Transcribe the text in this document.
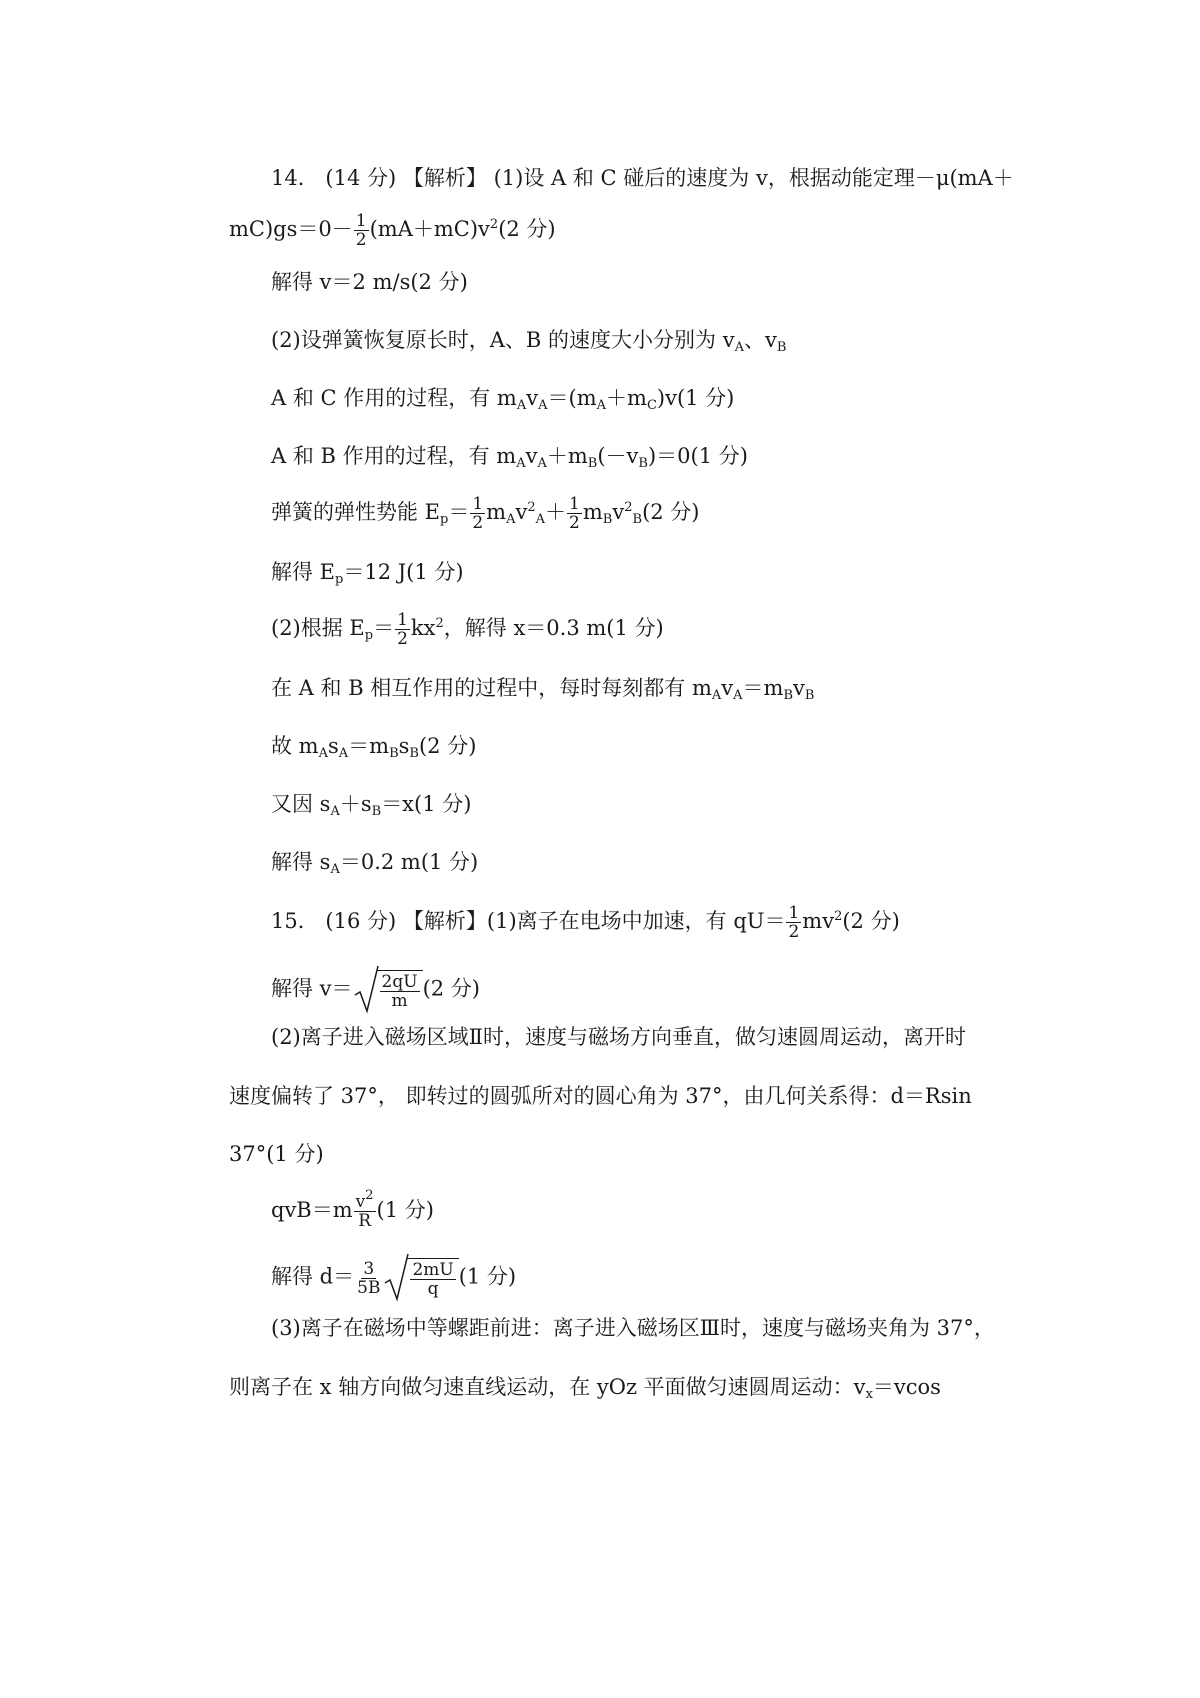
14． (14 分) 【解析】 (1)设 A 和 C 碰后的速度为 v，根据动能定理－μ(mA＋
$mC)gs=0- \frac{1}{2} (mA+mC)v^2(2$ 分)
解得 v＝2 m/s(2 分)
(2)设弹簧恢复原长时，A、B 的速度大小分别为 $v_A$、$v_B$
A 和 C 作用的过程，有 $m_Av_A=(m_A+m_C)v(1$ 分)
A 和 B 作用的过程，有 $m_Av_A+m_B(-v_B)=0(1$ 分)
弹簧的弹性势能 $E_p= \frac{1}{2} m_Av^2_A+ \frac{1}{2} m_Bv^2_B(2$ 分)
解得 $E_p=12$ J(1 分)
(2)根据 $E_p= \frac{1}{2} kx^2$，解得 x＝0.3 m(1 分)
在 A 和 B 相互作用的过程中，每时每刻都有 $m_Av_A=m_Bv_B$
故 $m_As_A=m_Bs_B(2$ 分)
又因 $s_A+s_B=x(1$ 分)
解得 $s_A=0.2$ m(1 分)
15． (16 分) 【解析】(1)离子在电场中加速，有 $qU= \frac{1}{2} mv^2(2$ 分)
解得 $v= \frac{2qU}{m} (2$ 分)
(2)离子进入磁场区域Ⅱ时，速度与磁场方向垂直，做匀速圆周运动，离开时
速度偏转了 37°， 即转过的圆弧所对的圆心角为 37°，由几何关系得：d＝Rsin
37°(1 分)
$qvB=m \frac{v^2}{R} (1$ 分)
解得 $d= \frac{3}{5B} \frac{2mU}{q} (1$ 分)
(3)离子在磁场中等螺距前进：离子进入磁场区Ⅲ时，速度与磁场夹角为 37°，
则离子在 x 轴方向做匀速直线运动，在 yOz 平面做匀速圆周运动：$v_x=vcos$
